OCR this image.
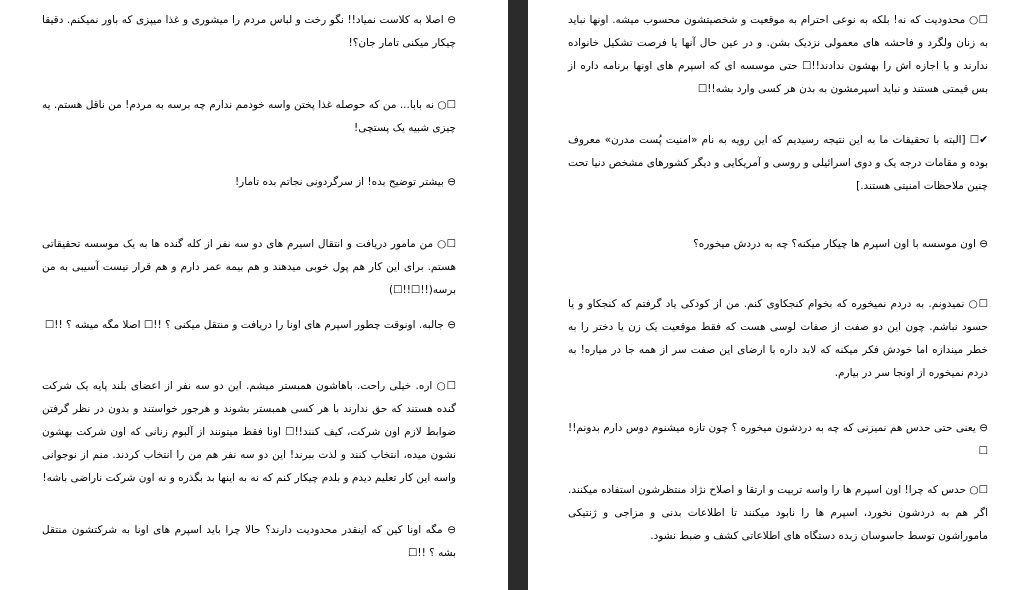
⊖ اصلا به کلاست نمیاد!! نگو رخت و لباس مردم را میشوری و غذا میپزی که باور نمیکنم. دقیقا چیکار میکنی تامار جان؟!

☐○ نه بابا... من که حوصله غذا پختن واسه خودمم ندارم چه برسه به مردم! من ناقل هستم. یه چیزی شبیه یک پستچی!

⊖ بیشتر توضیح بده! از سرگردونی نجاتم بده تامار!

☐○ من مامور دریافت و انتقال اسیرم های دو سه نفر از کله گنده ها به یک موسسه تحقیقاتی هستم. برای این کار هم پول خوبی میدهند و هم بیمه عمر دارم و هم قرار نیست آسیبی به من برسه(!!☐!!☐)

⊖ جالبه. اونوقت چطور اسپرم های اونا را دریافت و منتقل میکنی ؟ !!☐ اصلا مگه میشه ؟ !!☐

☐○ اره. خیلی راحت. باهاشون همبستر میشم. این دو سه نفر از اعضای بلند پایه یک شرکت گنده هستند که حق ندارند با هر کسی همبستر بشوند و هرجور خواستند و بدون در نظر گرفتن ضوابط لازم اون شرکت، کیف کنند!!☐ اونا فقط میتونند از آلبوم زنانی که اون شرکت بهشون نشون میده، انتخاب کنند و لذت ببرند! این دو سه نفر هم من را انتخاب کردند. منم از نوجوانی واسه این کار تعلیم دیدم و بلدم چیکار کنم که نه به اینها بد بگذره و نه اون شرکت ناراضی باشه!

⊖ مگه اونا کین که اینقدر محدودیت دارند؟ حالا چرا باید اسپرم های اونا به شرکتشون منتقل بشه ؟ !!☐

☐○ محدودیت که نه! بلکه به نوعی احترام به موقعیت و شخصیتشون محسوب میشه. اونها نباید به زنان ولگرد و فاحشه های معمولی نزدیک بشن. و در عین حال آنها یا فرصت تشکیل خانواده ندارند و یا اجازه اش را بهشون ندادند!!☐ حتی موسسه ای که اسپرم های اونها برنامه داره از بس قیمتی هستند و نباید اسپرمشون به بدن هر کسی وارد بشه!!☐

✔☐ [البته با تحقیقات ما به این نتیجه رسیدیم که این رویه به نام «امنیت پُست مدرن» معروف بوده و مقامات درجه یک و دوی اسرائیلی و روسی و آمریکایی و دیگر کشورهای مشخص دنیا تحت چنین ملاحظات امنیتی هستند.]

⊖ اون موسسه با اون اسپرم ها چیکار میکنه؟ چه به دردش میخوره؟

☐○ نمیدونم. به دردم نمیخوره که بخوام کنجکاوی کنم. من از کودکی یاد گرفتم که کنجکاو و یا حسود نباشم. چون این دو صفت از صفات لوسی هست که فقط موقعیت یک زن یا دختر را به خطر میندازه اما خودش فکر میکنه که لابد داره با ارضای این صفت سر از همه جا در میاره! به دردم نمیخوره از اونجا سر در بیارم.

⊖ یعنی حتی حدس هم نمیزنی که چه به دردشون میخوره ؟ چون تازه میشنوم دوس دارم بدونم!!☐

☐○ حدس که چرا! اون اسپرم ها را واسه تربیت و ارتقا و اصلاح نژاد منتظرشون استفاده میکنند. اگر هم به دردشون نخورد، اسپرم ها را نابود میکنند تا اطلاعات بدنی و مزاجی و ژنتیکی ماموراشون توسط جاسوسان زبده دستگاه های اطلاعاتی کشف و ضبط نشود.
